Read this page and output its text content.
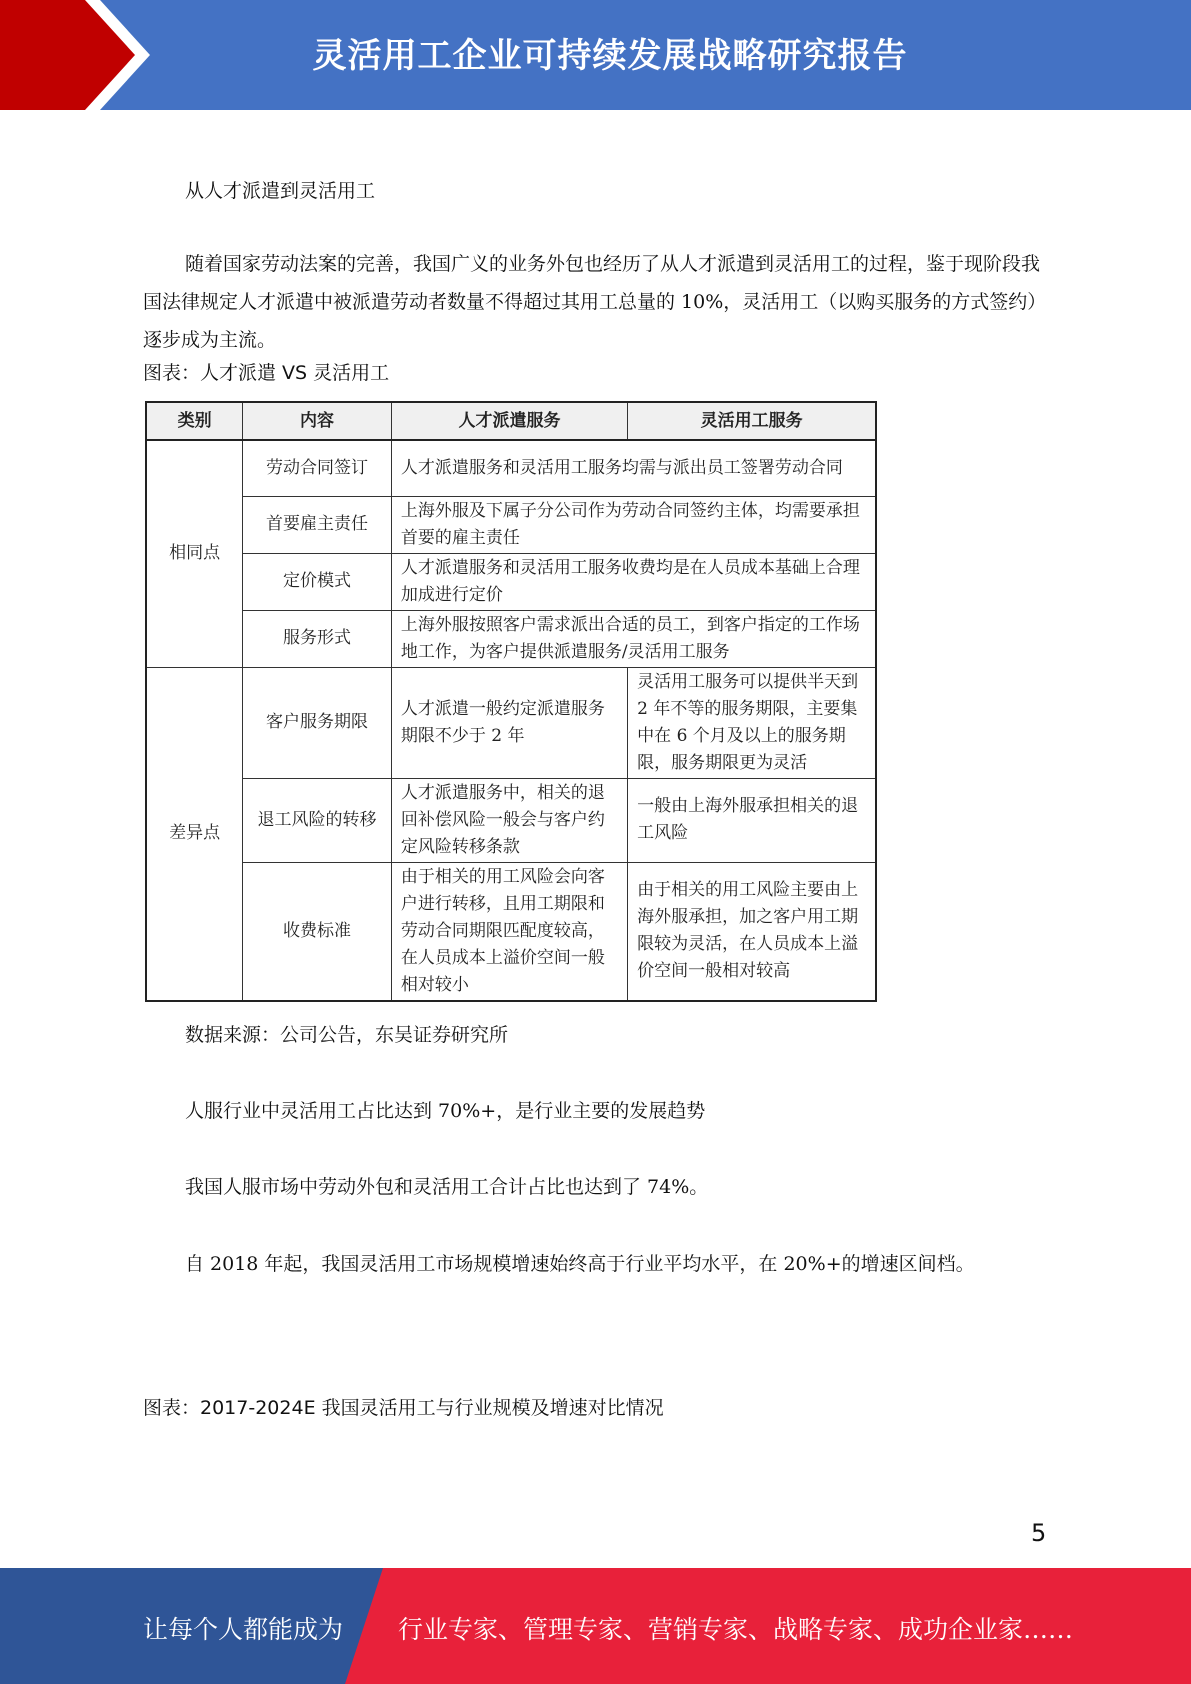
灵活用工企业可持续发展战略研究报告
从人才派遣到灵活用工
随着国家劳动法案的完善，我国广义的业务外包也经历了从人才派遣到灵活用工的过程，鉴于现阶段我国法律规定人才派遣中被派遣劳动者数量不得超过其用工总量的 10%，灵活用工（以购买服务的方式签约）逐步成为主流。
图表：人才派遣 VS 灵活用工
类别	内容	人才派遣服务	灵活用工服务
相同点	劳动合同签订	人才派遣服务和灵活用工服务均需与派出员工签署劳动合同	
	首要雇主责任	上海外服及下属子分公司作为劳动合同签约主体，均需要承担首要的雇主责任	
	定价模式	人才派遣服务和灵活用工服务收费均是在人员成本基础上合理加成进行定价	
	服务形式	上海外服按照客户需求派出合适的员工，到客户指定的工作场地工作，为客户提供派遣服务/灵活用工服务	
差异点	客户服务期限	人才派遣一般约定派遣服务期限不少于 2 年	灵活用工服务可以提供半天到 2 年不等的服务期限，主要集中在 6 个月及以上的服务期限，服务期限更为灵活
	退工风险的转移	人才派遣服务中，相关的退回补偿风险一般会与客户约定风险转移条款	一般由上海外服承担相关的退工风险
	收费标准	由于相关的用工风险会向客户进行转移，且用工期限和劳动合同期限匹配度较高，在人员成本上溢价空间一般相对较小	由于相关的用工风险主要由上海外服承担，加之客户用工期限较为灵活，在人员成本上溢价空间一般相对较高
数据来源：公司公告，东吴证券研究所
人服行业中灵活用工占比达到 70%+，是行业主要的发展趋势
我国人服市场中劳动外包和灵活用工合计占比也达到了 74%。
自 2018 年起，我国灵活用工市场规模增速始终高于行业平均水平，在 20%+的增速区间档。
图表：2017-2024E 我国灵活用工与行业规模及增速对比情况
5
让每个人都能成为 行业专家、管理专家、营销专家、战略专家、成功企业家……
